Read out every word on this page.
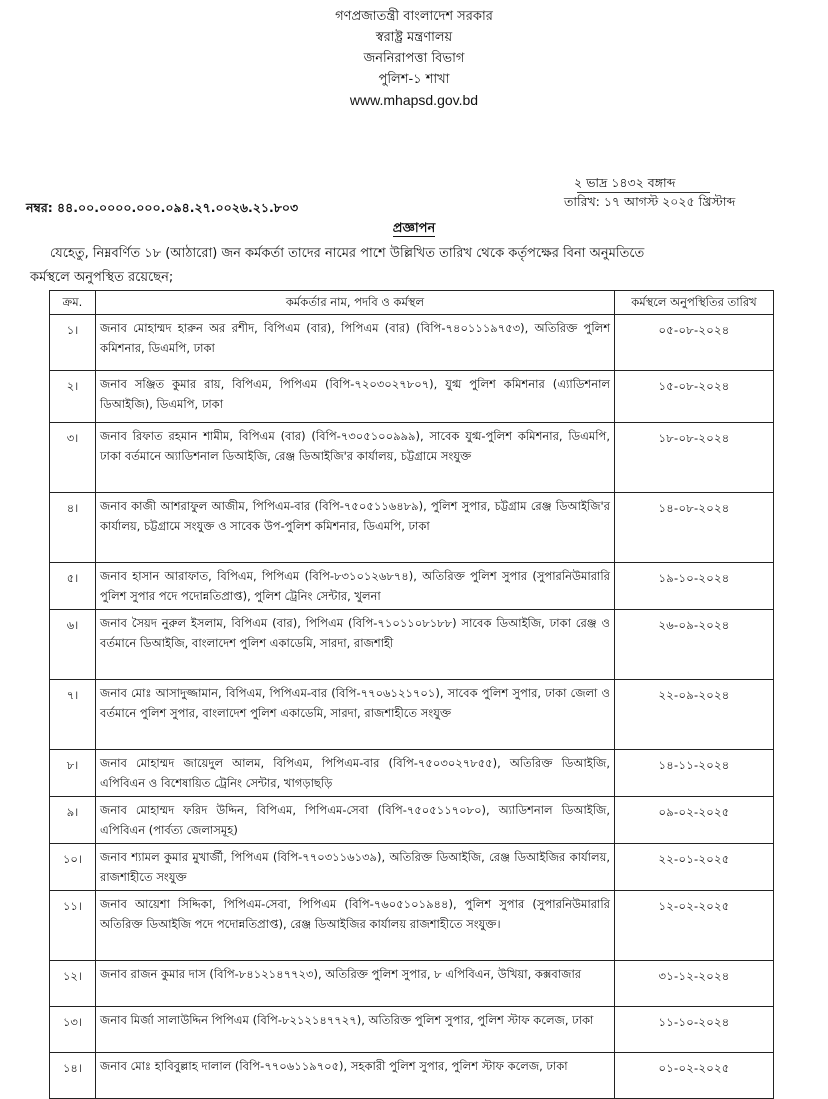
গণপ্রজাতন্ত্রী বাংলাদেশ সরকার
স্বরাষ্ট্র মন্ত্রণালয়
জননিরাপত্তা বিভাগ
পুলিশ-১ শাখা
www.mhapsd.gov.bd
২ ভাদ্র ১৪৩২ বঙ্গাব্দ
তারিখ: ১৭ আগস্ট ২০২৫ খ্রিস্টাব্দ
নম্বর: ৪৪.০০.০০০০.০০০.০৯৪.২৭.০০২৬.২১.৮০৩
প্রজ্ঞাপন
যেহেতু, নিম্নবর্ণিত ১৮ (আঠারো) জন কর্মকর্তা তাদের নামের পাশে উল্লিখিত তারিখ থেকে কর্তৃপক্ষের বিনা অনুমতিতে
কর্মস্থলে অনুপস্থিত রয়েছেন;
ক্রম.	কর্মকর্তার নাম, পদবি ও কর্মস্থল	কর্মস্থলে অনুপস্থিতির তারিখ
১।	জনাব মোহাম্মদ হারুন অর রশীদ, বিপিএম (বার), পিপিএম (বার) (বিপি-৭৪০১১১৯৭৫৩), অতিরিক্ত পুলিশ কমিশনার, ডিএমপি, ঢাকা	০৫-০৮-২০২৪
২।	জনাব সঞ্জিত কুমার রায়, বিপিএম, পিপিএম (বিপি-৭২০৩০২৭৮০৭), যুগ্ম পুলিশ কমিশনার (এ্যাডিশনাল ডিআইজি), ডিএমপি, ঢাকা	১৫-০৮-২০২৪
৩।	জনাব রিফাত রহমান শামীম, বিপিএম (বার) (বিপি-৭৩০৫১০০৯৯৯), সাবেক যুগ্ম-পুলিশ কমিশনার, ডিএমপি, ঢাকা বর্তমানে অ্যাডিশনাল ডিআইজি, রেঞ্জ ডিআইজি'র কার্যালয়, চট্টগ্রামে সংযুক্ত	১৮-০৮-২০২৪
৪।	জনাব কাজী আশরাফুল আজীম, পিপিএম-বার (বিপি-৭৫০৫১১৬৪৮৯), পুলিশ সুপার, চট্টগ্রাম রেঞ্জ ডিআইজি'র কার্যালয়, চট্টগ্রামে সংযুক্ত ও সাবেক উপ-পুলিশ কমিশনার, ডিএমপি, ঢাকা	১৪-০৮-২০২৪
৫।	জনাব হাসান আরাফাত, বিপিএম, পিপিএম (বিপি-৮৩১০১২৬৮৭৪), অতিরিক্ত পুলিশ সুপার (সুপারনিউমারারি পুলিশ সুপার পদে পদোন্নতিপ্রাপ্ত), পুলিশ ট্রেনিং সেন্টার, খুলনা	১৯-১০-২০২৪
৬।	জনাব সৈয়দ নুরুল ইসলাম, বিপিএম (বার), পিপিএম (বিপি-৭১০১১০৮১৮৮) সাবেক ডিআইজি, ঢাকা রেঞ্জ ও বর্তমানে ডিআইজি, বাংলাদেশ পুলিশ একাডেমি, সারদা, রাজশাহী	২৬-০৯-২০২৪
৭।	জনাব মোঃ আসাদুজ্জামান, বিপিএম, পিপিএম-বার (বিপি-৭৭০৬১২১৭০১), সাবেক পুলিশ সুপার, ঢাকা জেলা ও বর্তমানে পুলিশ সুপার, বাংলাদেশ পুলিশ একাডেমি, সারদা, রাজশাহীতে সংযুক্ত	২২-০৯-২০২৪
৮।	জনাব মোহাম্মদ জায়েদুল আলম, বিপিএম, পিপিএম-বার (বিপি-৭৫০৩০২৭৮৫৫), অতিরিক্ত ডিআইজি, এপিবিএন ও বিশেষায়িত ট্রেনিং সেন্টার, খাগড়াছড়ি	১৪-১১-২০২৪
৯।	জনাব মোহাম্মদ ফরিদ উদ্দিন, বিপিএম, পিপিএম-সেবা (বিপি-৭৫০৫১১৭০৮০), অ্যাডিশনাল ডিআইজি, এপিবিএন (পার্বত্য জেলাসমূহ)	০৯-০২-২০২৫
১০।	জনাব শ্যামল কুমার মুখার্জী, পিপিএম (বিপি-৭৭০৩১১৬১৩৯), অতিরিক্ত ডিআইজি, রেঞ্জ ডিআইজির কার্যালয়, রাজশাহীতে সংযুক্ত	২২-০১-২০২৫
১১।	জনাব আয়েশা সিদ্দিকা, পিপিএম-সেবা, পিপিএম (বিপি-৭৬০৫১০১৯৪৪), পুলিশ সুপার (সুপারনিউমারারি অতিরিক্ত ডিআইজি পদে পদোন্নতিপ্রাপ্ত), রেঞ্জ ডিআইজির কার্যালয় রাজশাহীতে সংযুক্ত।	১২-০২-২০২৫
১২।	জনাব রাজন কুমার দাস (বিপি-৮৪১২১৪৭৭২৩), অতিরিক্ত পুলিশ সুপার, ৮ এপিবিএন, উখিয়া, কক্সবাজার	৩১-১২-২০২৪
১৩।	জনাব মির্জা সালাউদ্দিন পিপিএম (বিপি-৮২১২১৪৭৭২৭), অতিরিক্ত পুলিশ সুপার, পুলিশ স্টাফ কলেজ, ঢাকা	১১-১০-২০২৪
১৪।	জনাব মোঃ হাবিবুল্লাহ দালাল (বিপি-৭৭০৬১১৯৭০৫), সহকারী পুলিশ সুপার, পুলিশ স্টাফ কলেজ, ঢাকা	০১-০২-২০২৫
